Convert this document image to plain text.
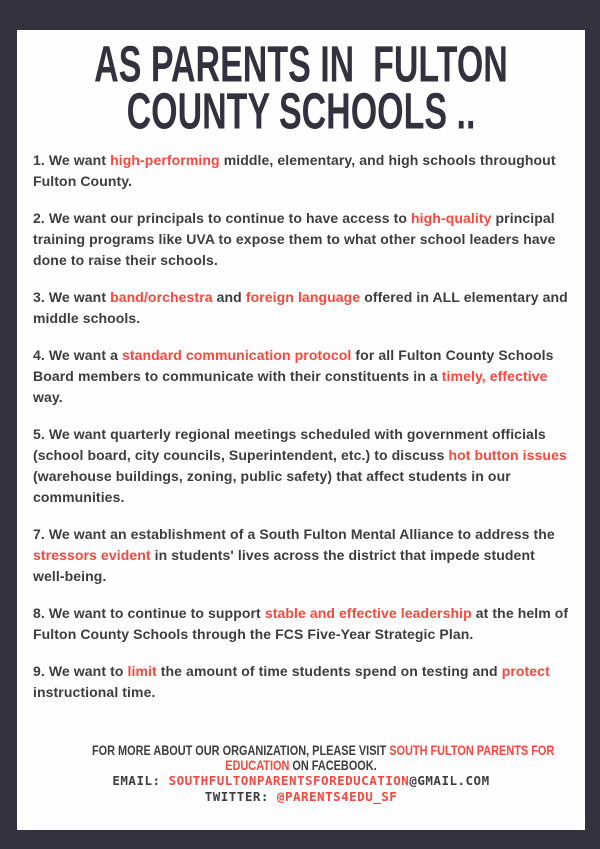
AS PARENTS IN  FULTON
COUNTY SCHOOLS ..

1. We want high-performing middle, elementary, and high schools throughout Fulton County.

2. We want our principals to continue to have access to high-quality principal training programs like UVA to expose them to what other school leaders have done to raise their schools.

3. We want band/orchestra and foreign language offered in ALL elementary and middle schools.

4. We want a standard communication protocol for all Fulton County Schools Board members to communicate with their constituents in a timely, effective way.

5. We want quarterly regional meetings scheduled with government officials (school board, city councils, Superintendent, etc.) to discuss hot button issues (warehouse buildings, zoning, public safety) that affect students in our communities.

7. We want an establishment of a South Fulton Mental Alliance to address the stressors evident in students' lives across the district that impede student well-being.

8. We want to continue to support stable and effective leadership at the helm of Fulton County Schools through the FCS Five-Year Strategic Plan.

9. We want to limit the amount of time students spend on testing and protect instructional time.

FOR MORE ABOUT OUR ORGANIZATION, PLEASE VISIT SOUTH FULTON PARENTS FOR
EDUCATION ON FACEBOOK.
EMAIL: SOUTHFULTONPARENTSFOREDUCATION@GMAIL.COM
TWITTER: @PARENTS4EDU_SF
